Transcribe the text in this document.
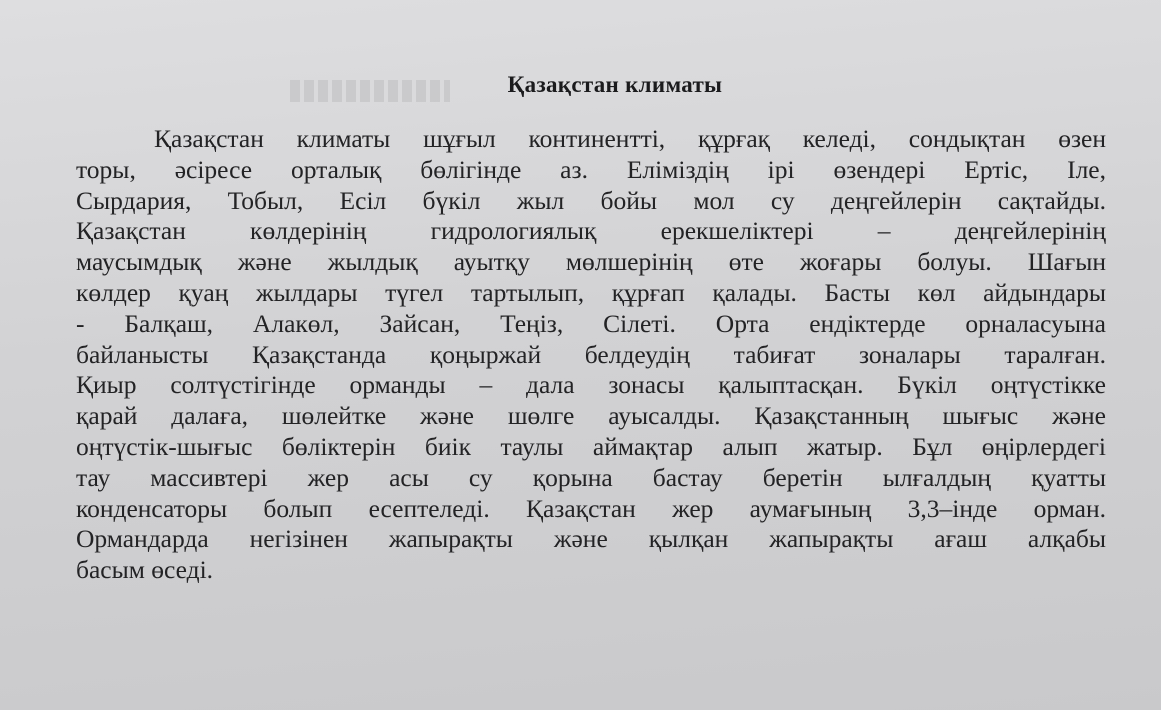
Қазақстан климаты
Қазақстан климаты шұғыл континентті, құрғақ келеді, сондықтан өзен
торы, әсіресе орталық бөлігінде аз. Еліміздің ірі өзендері Ертіс, Іле,
Сырдария, Тобыл, Есіл бүкіл жыл бойы мол су деңгейлерін сақтайды.
Қазақстан көлдерінің гидрологиялық ерекшеліктері – деңгейлерінің
маусымдық және жылдық ауытқу мөлшерінің өте жоғары болуы. Шағын
көлдер қуаң жылдары түгел тартылып, құрғап қалады. Басты көл айдындары
- Балқаш, Алакөл, Зайсан, Теңіз, Сілеті. Орта ендіктерде орналасуына
байланысты Қазақстанда қоңыржай белдеудің табиғат зоналары таралған.
Қиыр солтүстігінде орманды – дала зонасы қалыптасқан. Бүкіл оңтүстікке
қарай далаға, шөлейтке және шөлге ауысалды. Қазақстанның шығыс және
оңтүстік-шығыс бөліктерін биік таулы аймақтар алып жатыр. Бұл өңірлердегі
тау массивтері жер асы су қорына бастау беретін ылғалдың қуатты
конденсаторы болып есептеледі. Қазақстан жер аумағының 3,3–інде орман.
Ормандарда негізінен жапырақты және қылқан жапырақты ағаш алқабы
басым өседі.
